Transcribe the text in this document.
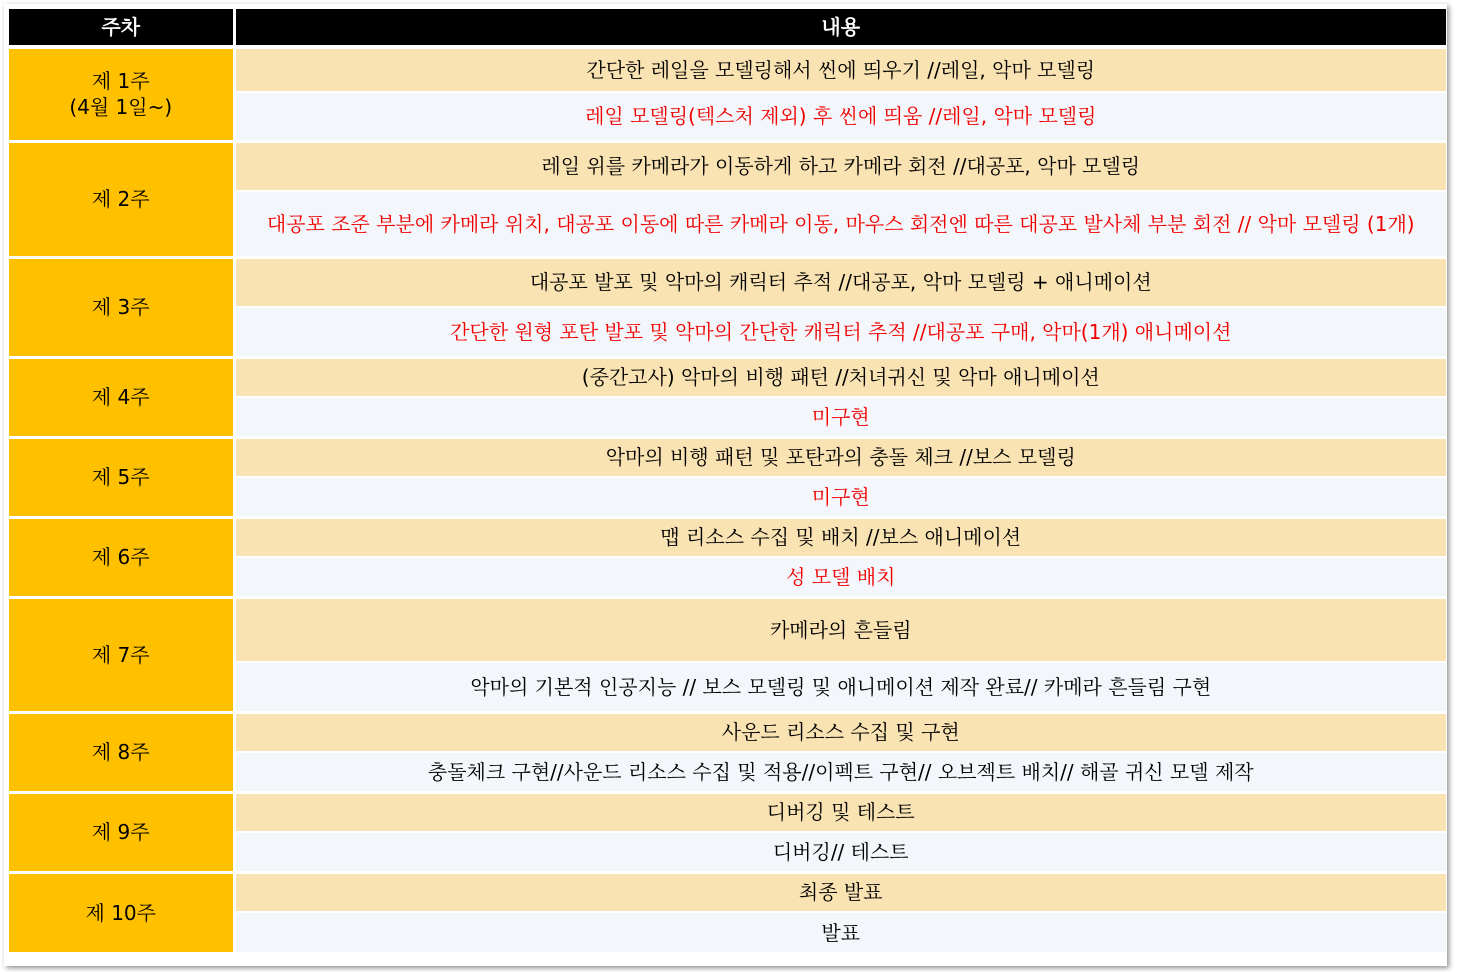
주차	내용
제 1주
(4월 1일~)	간단한 레일을 모델링해서 씬에 띄우기 //레일, 악마 모델링
	레일 모델링(텍스처 제외) 후 씬에 띄움 //레일, 악마 모델링
제 2주	레일 위를 카메라가 이동하게 하고 카메라 회전 //대공포, 악마 모델링
	대공포 조준 부분에 카메라 위치, 대공포 이동에 따른 카메라 이동, 마우스 회전엔 따른 대공포 발사체 부분 회전 // 악마 모델링 (1개)
제 3주	대공포 발포 및 악마의 캐릭터 추적 //대공포, 악마 모델링 + 애니메이션
	간단한 원형 포탄 발포 및 악마의 간단한 캐릭터 추적 //대공포 구매, 악마(1개) 애니메이션
제 4주	(중간고사) 악마의 비행 패턴 //처녀귀신 및 악마 애니메이션
	미구현
제 5주	악마의 비행 패턴 및 포탄과의 충돌 체크 //보스 모델링
	미구현
제 6주	맵 리소스 수집 및 배치 //보스 애니메이션
	성 모델 배치
제 7주	카메라의 흔들림
	악마의 기본적 인공지능 // 보스 모델링 및 애니메이션 제작 완료// 카메라 흔들림 구현
제 8주	사운드 리소스 수집 및 구현
	충돌체크 구현//사운드 리소스 수집 및 적용//이펙트 구현// 오브젝트 배치// 해골 귀신 모델 제작
제 9주	디버깅 및 테스트
	디버깅// 테스트
제 10주	최종 발표
	발표
